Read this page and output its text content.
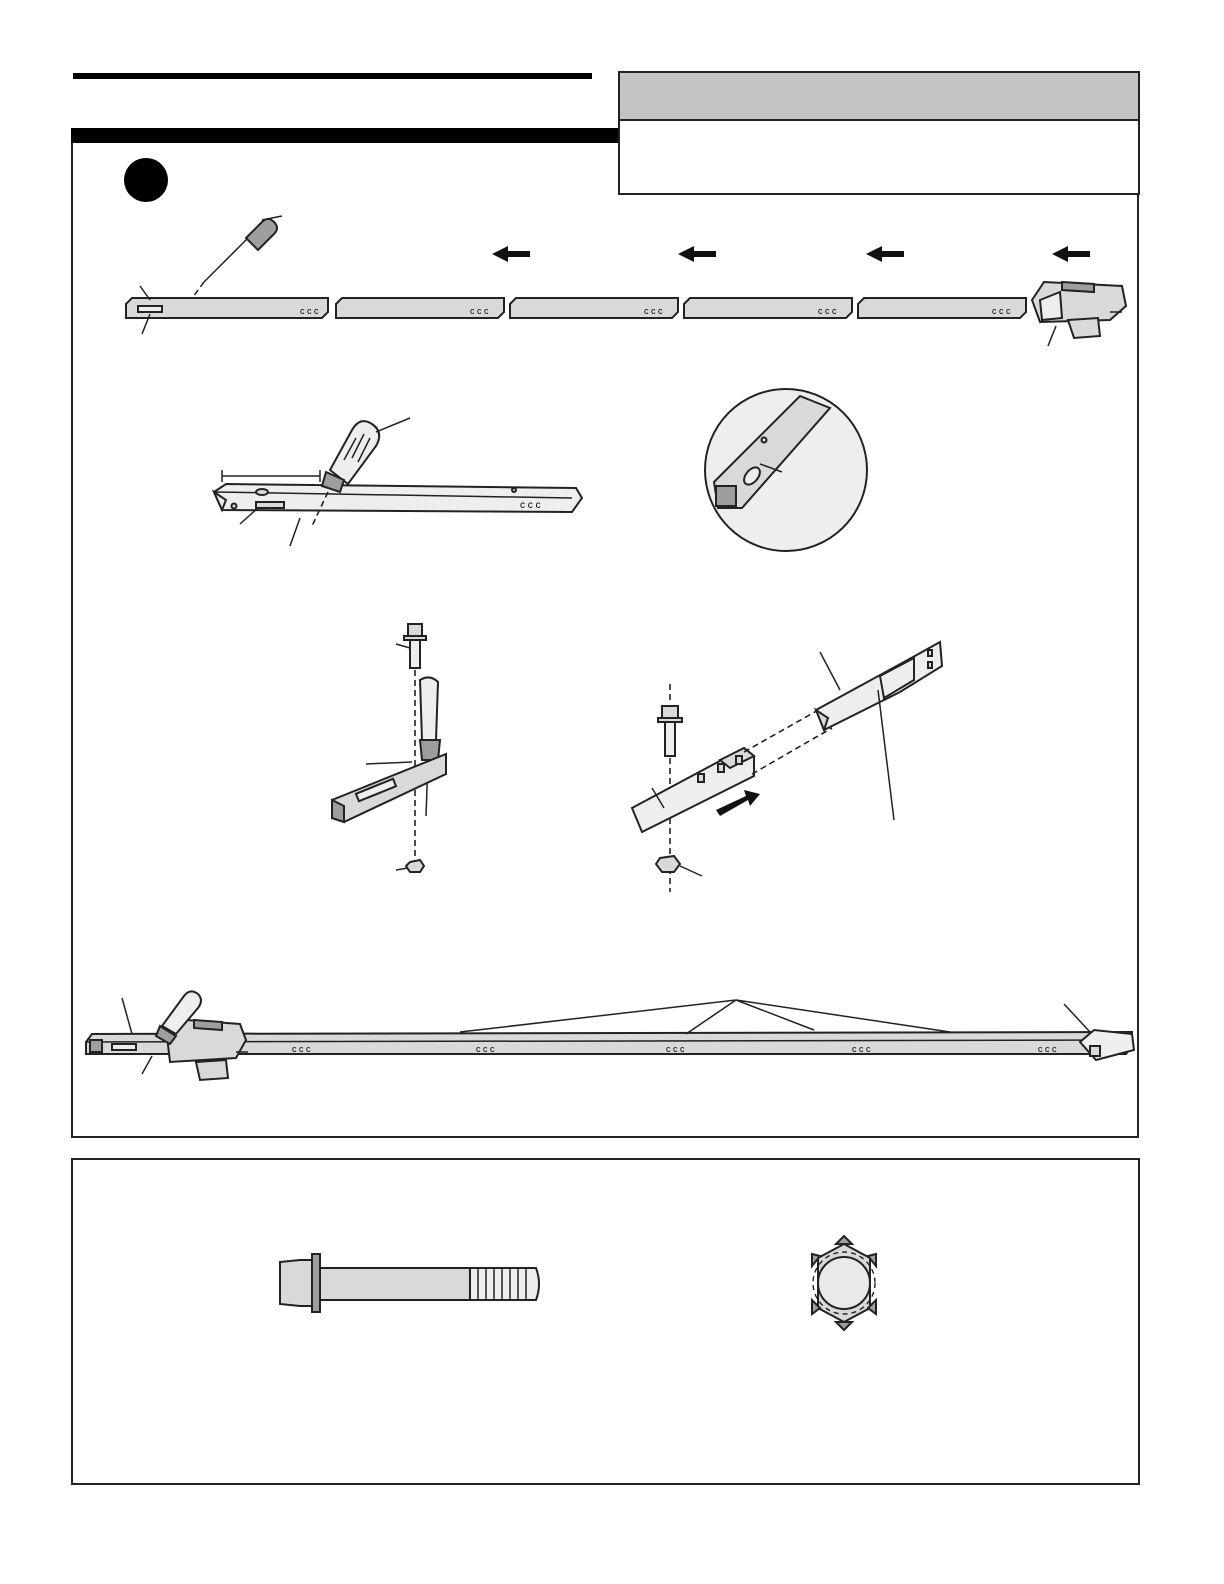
c c c	c c c	c c c	c c c	c c c
c c c
c c c	c c c	c c c	c c c	c c c
